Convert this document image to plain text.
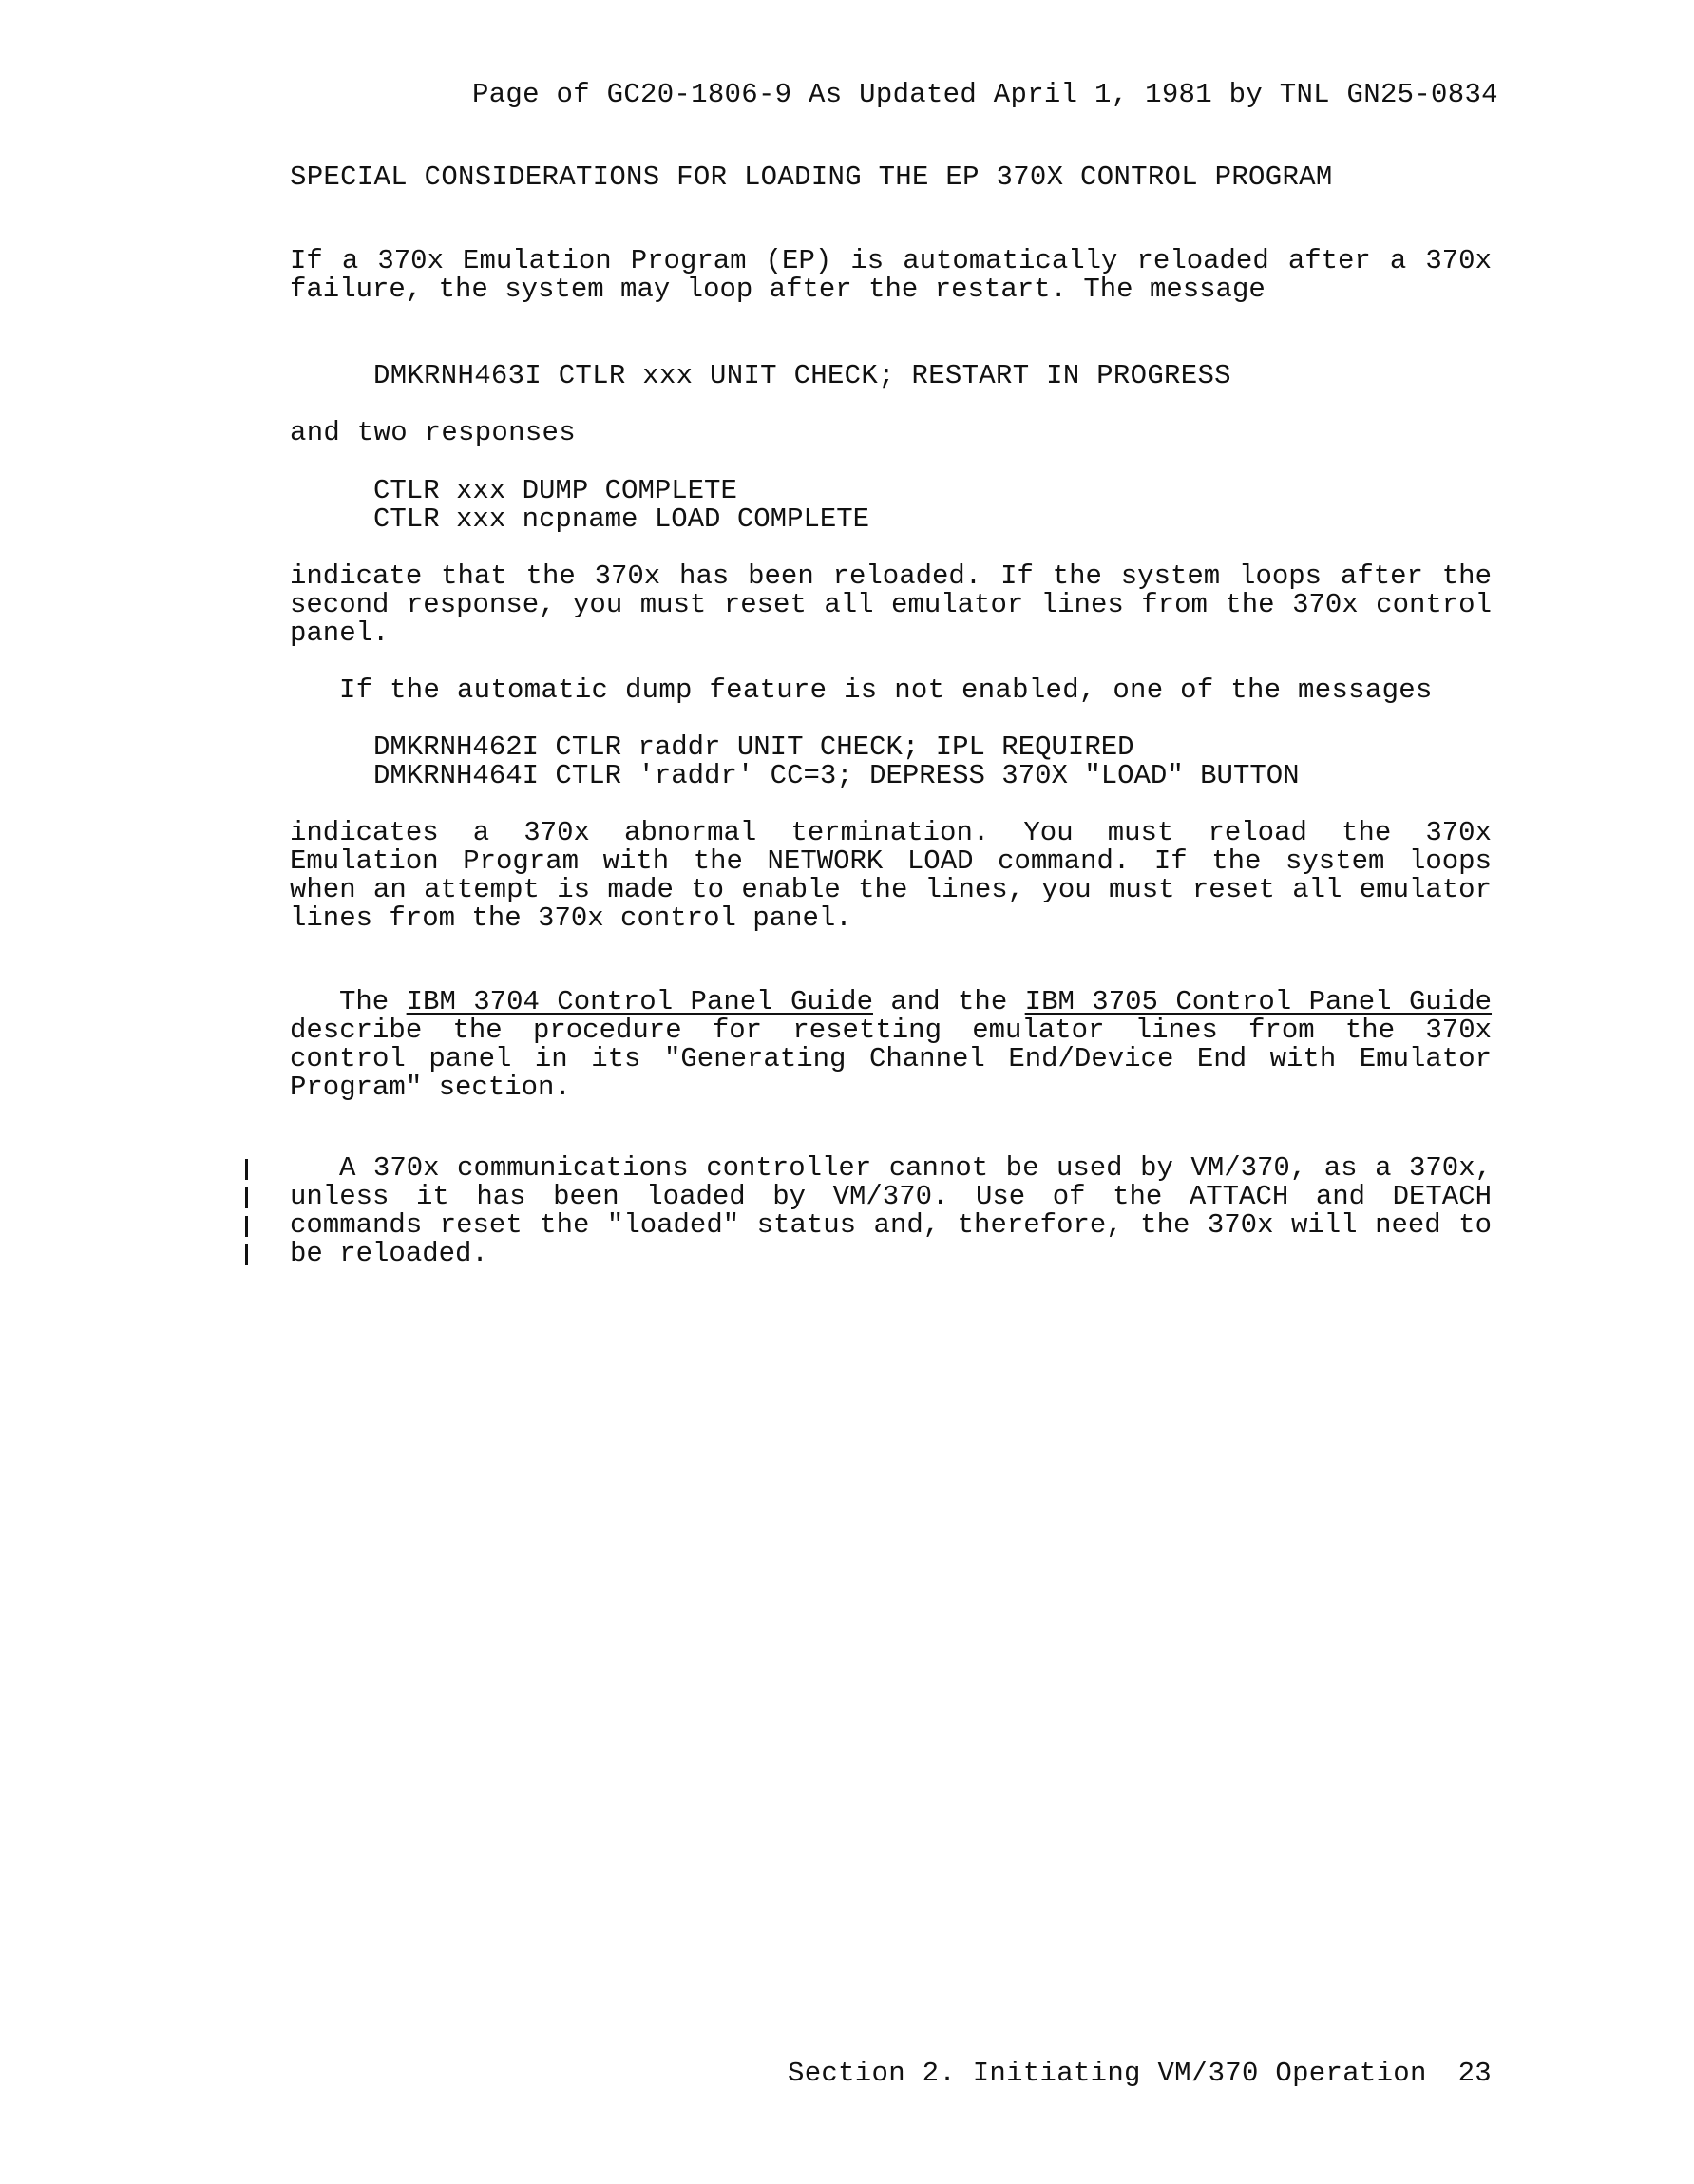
Page of GC20-1806-9 As Updated April 1, 1981 by TNL GN25-0834
SPECIAL CONSIDERATIONS FOR LOADING THE EP 370X CONTROL PROGRAM
If a 370x Emulation Program (EP) is automatically reloaded after a 370x
failure, the system may loop after the restart. The message
DMKRNH463I CTLR xxx UNIT CHECK; RESTART IN PROGRESS
and two responses
CTLR xxx DUMP COMPLETE
CTLR xxx ncpname LOAD COMPLETE
indicate that the 370x has been reloaded. If the system loops after the
second response, you must reset all emulator lines from the 370x control
panel.
If the automatic dump feature is not enabled, one of the messages
DMKRNH462I CTLR raddr UNIT CHECK; IPL REQUIRED
DMKRNH464I CTLR 'raddr' CC=3; DEPRESS 370X "LOAD" BUTTON
indicates a 370x abnormal termination. You must reload the 370x
Emulation Program with the NETWORK LOAD command. If the system loops
when an attempt is made to enable the lines, you must reset all emulator
lines from the 370x control panel.
The IBM 3704 Control Panel Guide and the IBM 3705 Control Panel Guide
describe the procedure for resetting emulator lines from the 370x
control panel in its "Generating Channel End/Device End with Emulator
Program" section.
A 370x communications controller cannot be used by VM/370, as a 370x,
unless it has been loaded by VM/370. Use of the ATTACH and DETACH
commands reset the "loaded" status and, therefore, the 370x will need to
be reloaded.
Section 2. Initiating VM/370 Operation	23
